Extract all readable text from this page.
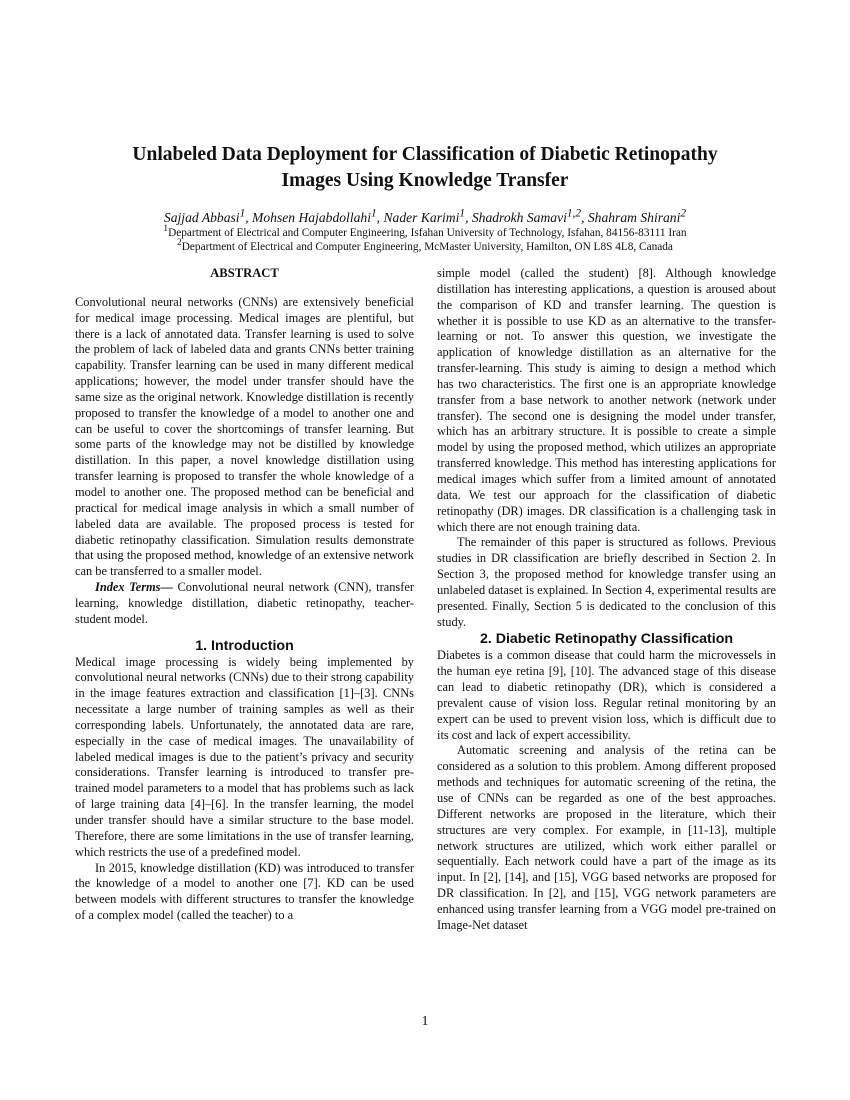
Unlabeled Data Deployment for Classification of Diabetic Retinopathy
Images Using Knowledge Transfer
Sajjad Abbasi$^1$, Mohsen Hajabdollahi$^1$, Nader Karimi$^1$, Shadrokh Samavi$^{1,2}$, Shahram Shirani$^2$
$^1$Department of Electrical and Computer Engineering, Isfahan University of Technology, Isfahan, 84156-83111 Iran
$^2$Department of Electrical and Computer Engineering, McMaster University, Hamilton, ON L8S 4L8, Canada

ABSTRACT

Convolutional neural networks (CNNs) are extensively beneficial for medical image processing. Medical images are plentiful, but there is a lack of annotated data. Transfer learning is used to solve the problem of lack of labeled data and grants CNNs better training capability. Transfer learning can be used in many different medical applications; however, the model under transfer should have the same size as the original network. Knowledge distillation is recently proposed to transfer the knowledge of a model to another one and can be useful to cover the shortcomings of transfer learning. But some parts of the knowledge may not be distilled by knowledge distillation. In this paper, a novel knowledge distillation using transfer learning is proposed to transfer the whole knowledge of a model to another one. The proposed method can be beneficial and practical for medical image analysis in which a small number of labeled data are available. The proposed process is tested for diabetic retinopathy classification. Simulation results demonstrate that using the proposed method, knowledge of an extensive network can be transferred to a smaller model.

Index Terms— Convolutional neural network (CNN), transfer learning, knowledge distillation, diabetic retinopathy, teacher-student model.

1. Introduction

Medical image processing is widely being implemented by convolutional neural networks (CNNs) due to their strong capability in the image features extraction and classification [1]–[3]. CNNs necessitate a large number of training samples as well as their corresponding labels. Unfortunately, the annotated data are rare, especially in the case of medical images. The unavailability of labeled medical images is due to the patient’s privacy and security considerations. Transfer learning is introduced to transfer pre-trained model parameters to a model that has problems such as lack of large training data [4]–[6]. In the transfer learning, the model under transfer should have a similar structure to the base model. Therefore, there are some limitations in the use of transfer learning, which restricts the use of a predefined model.

In 2015, knowledge distillation (KD) was introduced to transfer the knowledge of a model to another one [7]. KD can be used between models with different structures to transfer the knowledge of a complex model (called the teacher) to a

simple model (called the student) [8]. Although knowledge distillation has interesting applications, a question is aroused about the comparison of KD and transfer learning. The question is whether it is possible to use KD as an alternative to the transfer-learning or not. To answer this question, we investigate the application of knowledge distillation as an alternative for the transfer-learning. This study is aiming to design a method which has two characteristics. The first one is an appropriate knowledge transfer from a base network to another network (network under transfer). The second one is designing the model under transfer, which has an arbitrary structure. It is possible to create a simple model by using the proposed method, which utilizes an appropriate transferred knowledge. This method has interesting applications for medical images which suffer from a limited amount of annotated data. We test our approach for the classification of diabetic retinopathy (DR) images. DR classification is a challenging task in which there are not enough training data.

The remainder of this paper is structured as follows. Previous studies in DR classification are briefly described in Section 2. In Section 3, the proposed method for knowledge transfer using an unlabeled dataset is explained. In Section 4, experimental results are presented. Finally, Section 5 is dedicated to the conclusion of this study.

2. Diabetic Retinopathy Classification

Diabetes is a common disease that could harm the microvessels in the human eye retina [9], [10]. The advanced stage of this disease can lead to diabetic retinopathy (DR), which is considered a prevalent cause of vision loss. Regular retinal monitoring by an expert can be used to prevent vision loss, which is difficult due to its cost and lack of expert accessibility.

Automatic screening and analysis of the retina can be considered as a solution to this problem. Among different proposed methods and techniques for automatic screening of the retina, the use of CNNs can be regarded as one of the best approaches. Different networks are proposed in the literature, which their structures are very complex. For example, in [11-13], multiple network structures are utilized, which work either parallel or sequentially. Each network could have a part of the image as its input. In [2], [14], and [15], VGG based networks are proposed for DR classification. In [2], and [15], VGG network parameters are enhanced using transfer learning from a VGG model pre-trained on Image-Net dataset

1
